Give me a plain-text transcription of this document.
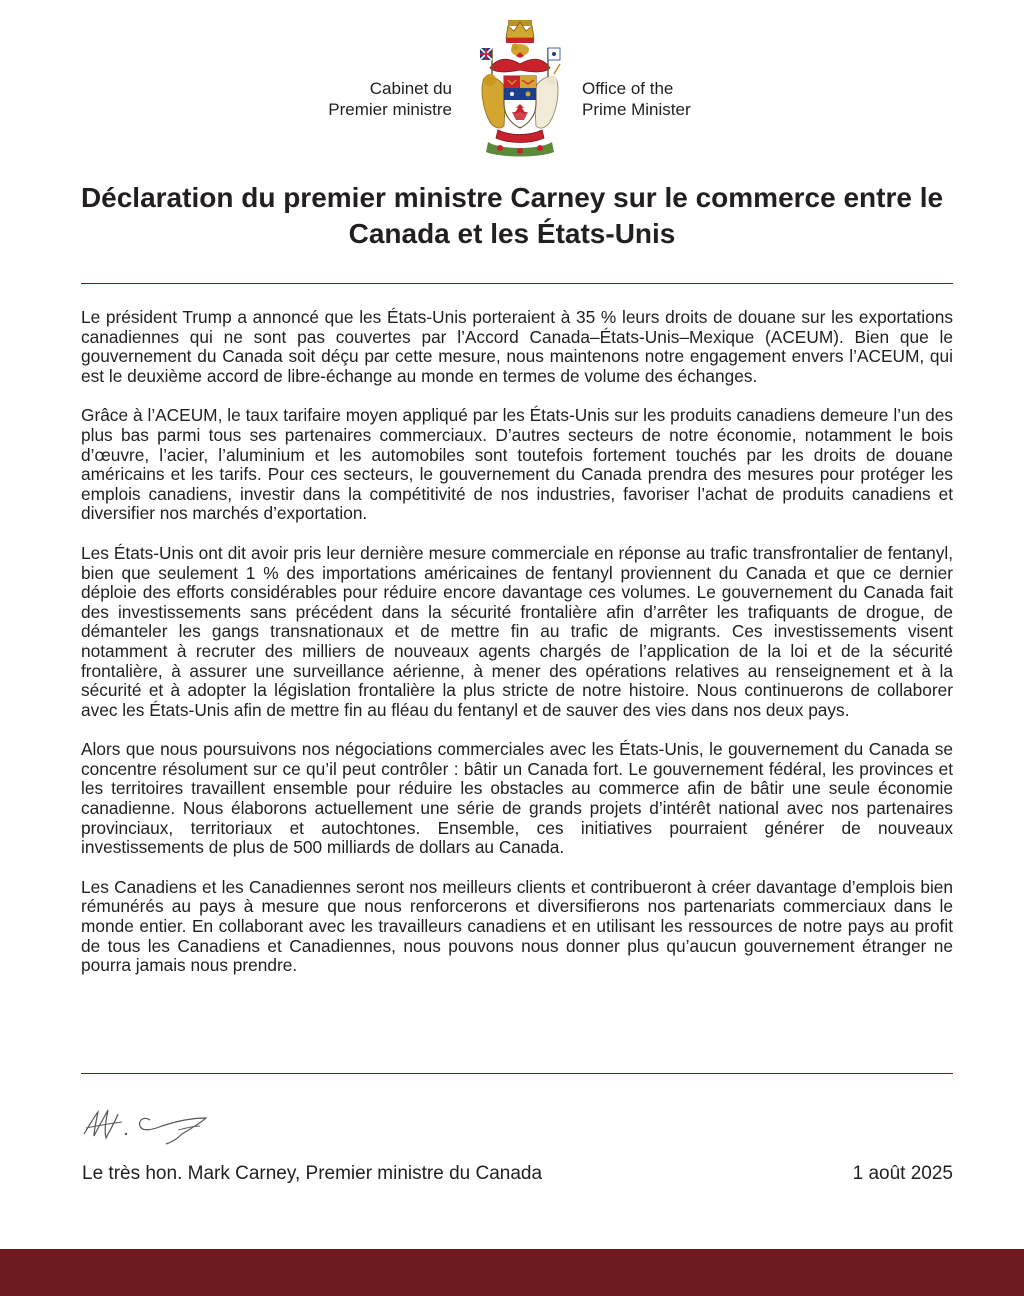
Cabinet du
Premier ministre
Office of the
Prime Minister
Déclaration du premier ministre Carney sur le commerce entre le Canada et les États-Unis

Le président Trump a annoncé que les États-Unis porteraient à 35 % leurs droits de douane sur les exportations canadiennes qui ne sont pas couvertes par l’Accord Canada–États-Unis–Mexique (ACEUM). Bien que le gouvernement du Canada soit déçu par cette mesure, nous maintenons notre engagement envers l’ACEUM, qui est le deuxième accord de libre-échange au monde en termes de volume des échanges.

Grâce à l’ACEUM, le taux tarifaire moyen appliqué par les États-Unis sur les produits canadiens demeure l’un des plus bas parmi tous ses partenaires commerciaux. D’autres secteurs de notre économie, notamment le bois d’œuvre, l’acier, l’aluminium et les automobiles sont toutefois fortement touchés par les droits de douane américains et les tarifs. Pour ces secteurs, le gouvernement du Canada prendra des mesures pour protéger les emplois canadiens, investir dans la compétitivité de nos industries, favoriser l’achat de produits canadiens et diversifier nos marchés d’exportation.

Les États-Unis ont dit avoir pris leur dernière mesure commerciale en réponse au trafic transfrontalier de fentanyl, bien que seulement 1 % des importations américaines de fentanyl proviennent du Canada et que ce dernier déploie des efforts considérables pour réduire encore davantage ces volumes. Le gouvernement du Canada fait des investissements sans précédent dans la sécurité frontalière afin d’arrêter les trafiquants de drogue, de démanteler les gangs transnationaux et de mettre fin au trafic de migrants. Ces investissements visent notamment à recruter des milliers de nouveaux agents chargés de l’application de la loi et de la sécurité frontalière, à assurer une surveillance aérienne, à mener des opérations relatives au renseignement et à la sécurité et à adopter la législation frontalière la plus stricte de notre histoire. Nous continuerons de collaborer avec les États-Unis afin de mettre fin au fléau du fentanyl et de sauver des vies dans nos deux pays.

Alors que nous poursuivons nos négociations commerciales avec les États-Unis, le gouvernement du Canada se concentre résolument sur ce qu’il peut contrôler : bâtir un Canada fort. Le gouvernement fédéral, les provinces et les territoires travaillent ensemble pour réduire les obstacles au commerce afin de bâtir une seule économie canadienne. Nous élaborons actuellement une série de grands projets d’intérêt national avec nos partenaires provinciaux, territoriaux et autochtones. Ensemble, ces initiatives pourraient générer de nouveaux investissements de plus de 500 milliards de dollars au Canada.

Les Canadiens et les Canadiennes seront nos meilleurs clients et contribueront à créer davantage d’emplois bien rémunérés au pays à mesure que nous renforcerons et diversifierons nos partenariats commerciaux dans le monde entier. En collaborant avec les travailleurs canadiens et en utilisant les ressources de notre pays au profit de tous les Canadiens et Canadiennes, nous pouvons nous donner plus qu’aucun gouvernement étranger ne pourra jamais nous prendre.

Le très hon. Mark Carney, Premier ministre du Canada	1 août 2025
